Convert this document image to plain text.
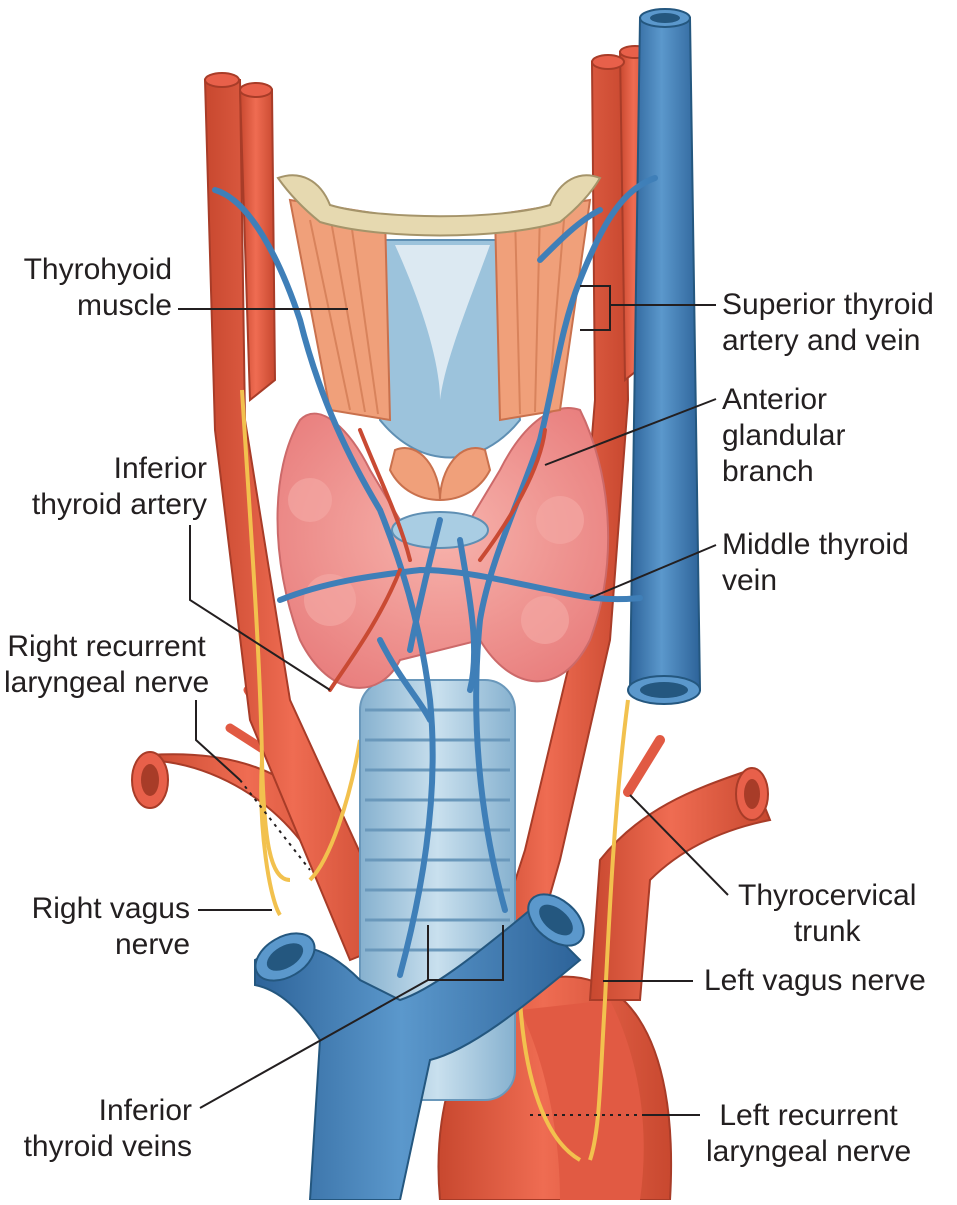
Thyrohyoid
muscle	Superior thyroid
artery and vein
Anterior
glandular
branch
Inferior
thyroid artery
Middle thyroid
vein
Right recurrent
laryngeal nerve
Thyrocervical
trunk
Right vagus
nerve
Left vagus nerve
Inferior
thyroid veins
Left recurrent
laryngeal nerve
